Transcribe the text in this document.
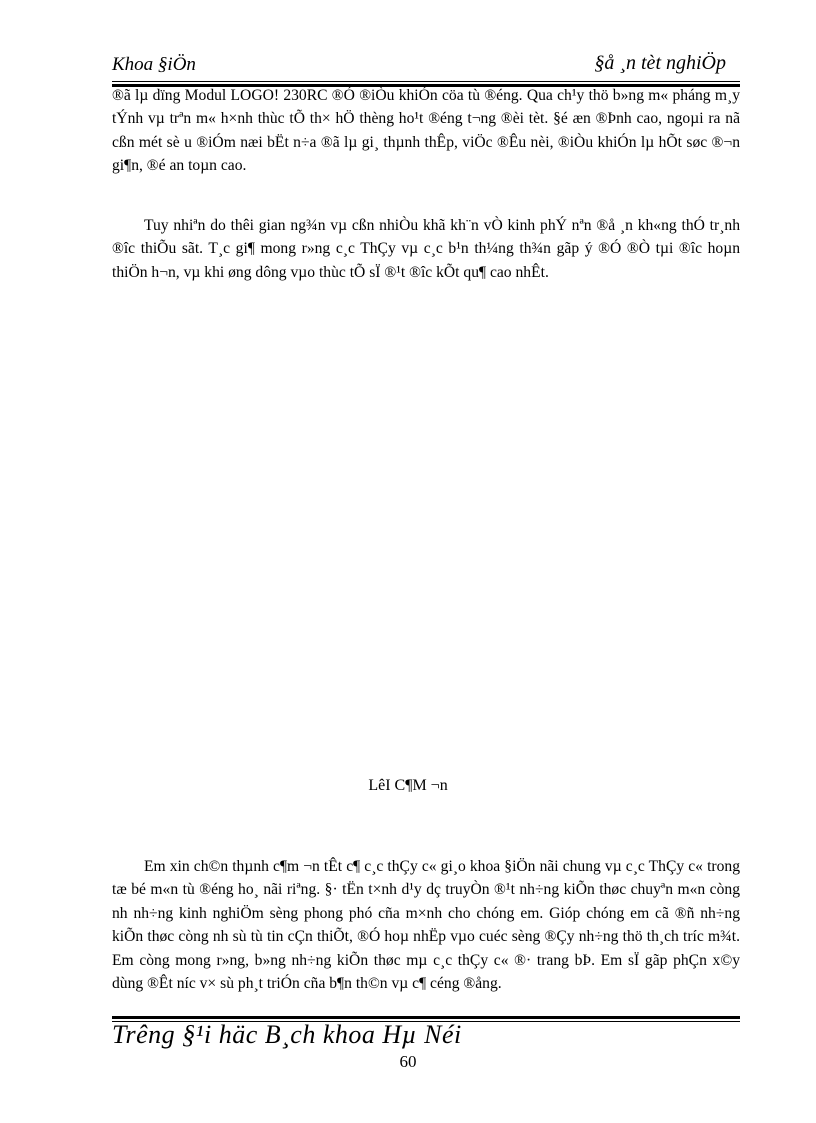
Khoa §iÖn	§å ¸n tèt nghiÖp

®ã lµ dïng Modul LOGO! 230RC ®Ó ®iÒu khiÓn cöa tù ®éng. Qua ch¹y thö b»ng m« pháng m¸y tÝnh vµ trªn m« h×nh thùc tÕ th× hÖ thèng ho¹t ®éng t¬ng ®èi tèt. §é æn ®Þnh cao, ngoµi ra nã cßn mét sè u ®iÓm næi bËt n÷a ®ã lµ gi¸ thµnh thÊp, viÖc ®Êu nèi, ®iÒu khiÓn lµ hÕt søc ®¬n gi¶n, ®é an toµn cao.

Tuy nhiªn do thêi gian ng¾n vµ cßn nhiÒu khã kh¨n vÒ kinh phÝ nªn ®å ¸n kh«ng thÓ tr¸nh ®îc thiÕu sãt. T¸c gi¶ mong r»ng c¸c ThÇy vµ c¸c b¹n th¼ng th¾n gãp ý ®Ó ®Ò tµi ®îc hoµn thiÖn h¬n, vµ khi øng dông vµo thùc tÕ sÏ ®¹t ®îc kÕt qu¶ cao nhÊt.

LêI C¶M ¬n

Em xin ch©n thµnh c¶m ¬n tÊt c¶ c¸c thÇy c« gi¸o khoa §iÖn nãi chung vµ c¸c ThÇy c« trong tæ bé m«n tù ®éng ho¸ nãi riªng. §· tËn t×nh d¹y dç truyÒn ®¹t nh÷ng kiÕn thøc chuyªn m«n còng nh nh÷ng kinh nghiÖm sèng phong phó cña m×nh cho chóng em. Gióp chóng em cã ®ñ nh÷ng kiÕn thøc còng nh sù tù tin cÇn thiÕt, ®Ó hoµ nhËp vµo cuéc sèng ®Çy nh÷ng thö th¸ch tríc m¾t. Em còng mong r»ng, b»ng nh÷ng kiÕn thøc mµ c¸c thÇy c« ®· trang bÞ. Em sÏ gãp phÇn x©y dùng ®Êt níc v× sù ph¸t triÓn cña b¶n th©n vµ c¶ céng ®ång.

Trêng §¹i häc B¸ch khoa Hµ Néi
60
